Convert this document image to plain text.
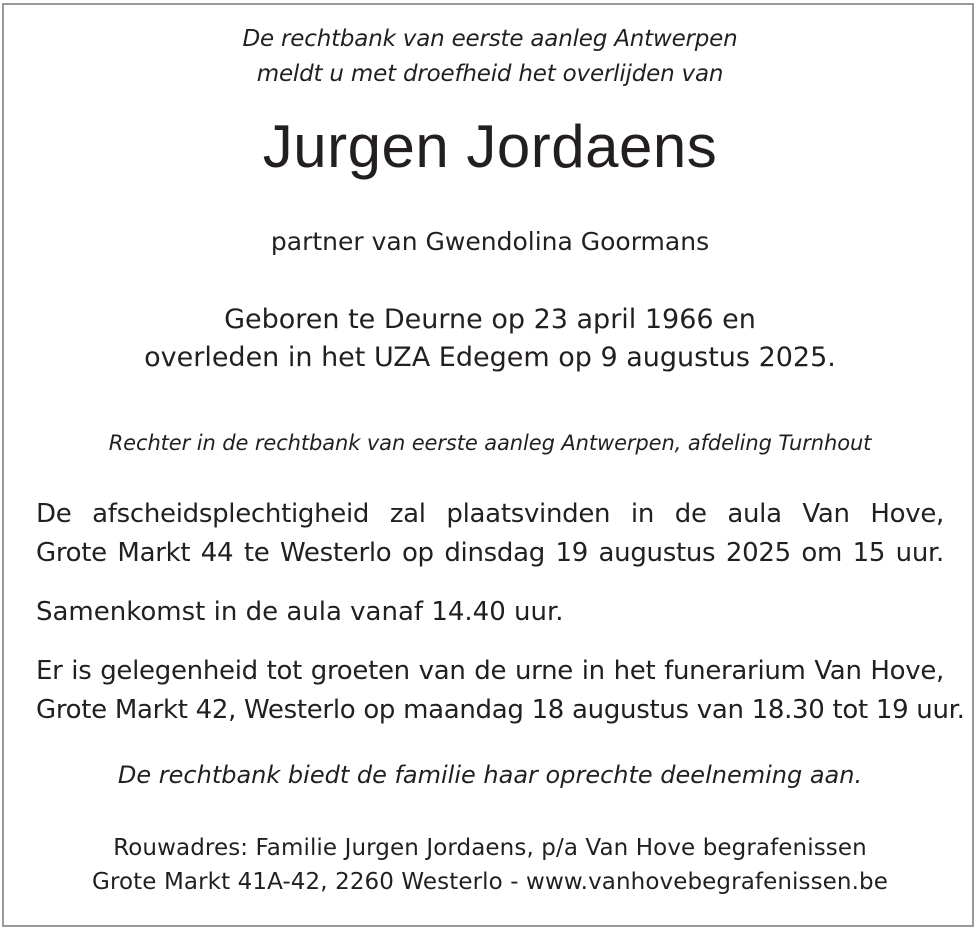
De rechtbank van eerste aanleg Antwerpen
meldt u met droefheid het overlijden van
Jurgen Jordaens
partner van Gwendolina Goormans
Geboren te Deurne op 23 april 1966 en
overleden in het UZA Edegem op 9 augustus 2025.
Rechter in de rechtbank van eerste aanleg Antwerpen, afdeling Turnhout
De afscheidsplechtigheid zal plaatsvinden in de aula Van Hove,
Grote Markt 44 te Westerlo op dinsdag 19 augustus 2025 om 15 uur.
Samenkomst in de aula vanaf 14.40 uur.
Er is gelegenheid tot groeten van de urne in het funerarium Van Hove,
Grote Markt 42, Westerlo op maandag 18 augustus van 18.30 tot 19 uur.
De rechtbank biedt de familie haar oprechte deelneming aan.
Rouwadres: Familie Jurgen Jordaens, p/a Van Hove begrafenissen
Grote Markt 41A-42, 2260 Westerlo - www.vanhovebegrafenissen.be
